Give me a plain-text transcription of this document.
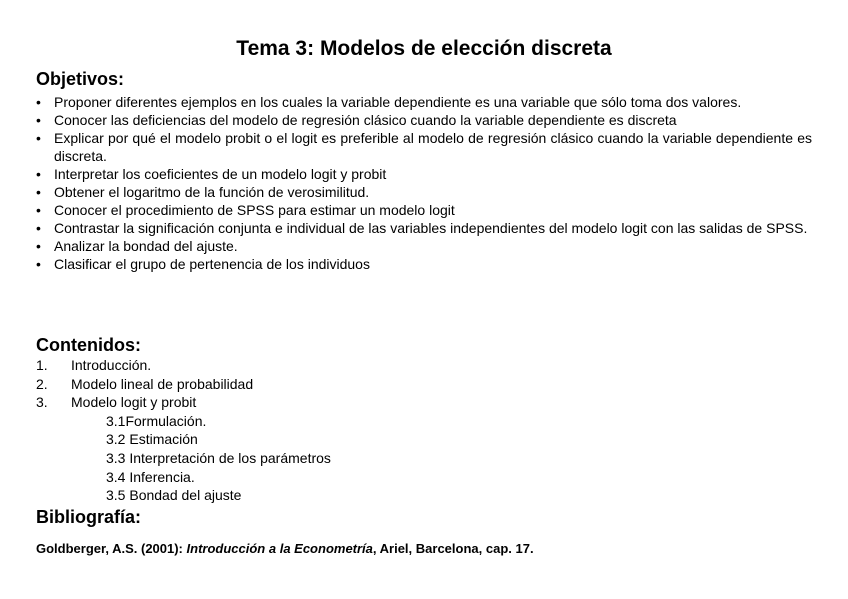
Tema 3: Modelos de elección discreta
Objetivos:
• Proponer diferentes ejemplos en los cuales la variable dependiente es una variable que sólo toma dos valores.
• Conocer las deficiencias del modelo de regresión clásico cuando la variable dependiente es discreta
• Explicar por qué el modelo probit o el logit es preferible al modelo de regresión clásico cuando la variable dependiente es discreta.
• Interpretar los coeficientes de un modelo logit y probit
• Obtener el logaritmo de la función de verosimilitud.
• Conocer el procedimiento de SPSS para estimar un modelo logit
• Contrastar la significación conjunta e individual de las variables independientes del modelo logit con las salidas de SPSS.
• Analizar la bondad del ajuste.
• Clasificar el grupo de pertenencia de los individuos
Contenidos:
1. Introducción.
2. Modelo lineal de probabilidad
3. Modelo logit y probit
3.1Formulación.
3.2 Estimación
3.3 Interpretación de los parámetros
3.4 Inferencia.
3.5 Bondad del ajuste
Bibliografía:
Goldberger, A.S. (2001): Introducción a la Econometría, Ariel, Barcelona, cap. 17.
